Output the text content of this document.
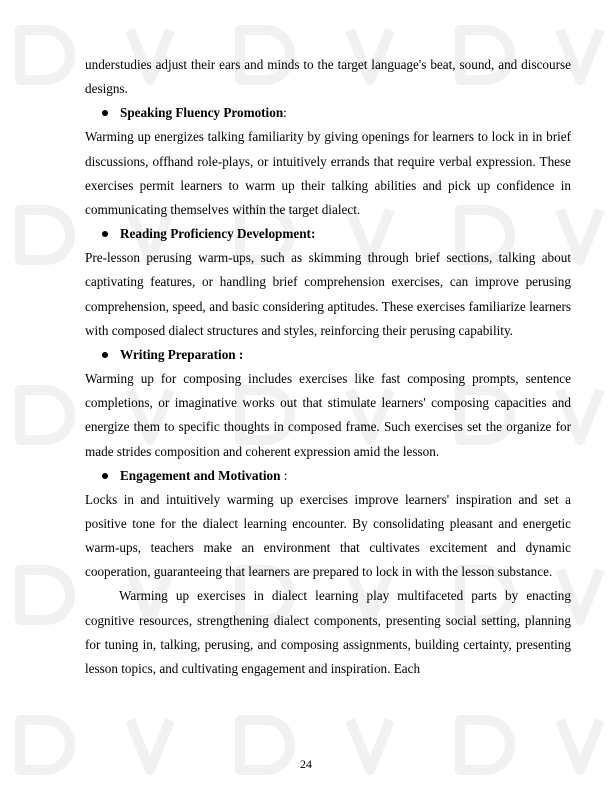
understudies adjust their ears and minds to the target language's beat, sound, and discourse designs.

Speaking Fluency Promotion:

Warming up energizes talking familiarity by giving openings for learners to lock in in brief discussions, offhand role-plays, or intuitively errands that require verbal expression. These exercises permit learners to warm up their talking abilities and pick up confidence in communicating themselves within the target dialect.

Reading Proficiency Development:

Pre-lesson perusing warm-ups, such as skimming through brief sections, talking about captivating features, or handling brief comprehension exercises, can improve perusing comprehension, speed, and basic considering aptitudes. These exercises familiarize learners with composed dialect structures and styles, reinforcing their perusing capability.

Writing Preparation :

Warming up for composing includes exercises like fast composing prompts, sentence completions, or imaginative works out that stimulate learners' composing capacities and energize them to specific thoughts in composed frame. Such exercises set the organize for made strides composition and coherent expression amid the lesson.

Engagement and Motivation :

Locks in and intuitively warming up exercises improve learners' inspiration and set a positive tone for the dialect learning encounter. By consolidating pleasant and energetic warm-ups, teachers make an environment that cultivates excitement and dynamic cooperation, guaranteeing that learners are prepared to lock in with the lesson substance.

Warming up exercises in dialect learning play multifaceted parts by enacting cognitive resources, strengthening dialect components, presenting social setting, planning for tuning in, talking, perusing, and composing assignments, building certainty, presenting lesson topics, and cultivating engagement and inspiration. Each

24
